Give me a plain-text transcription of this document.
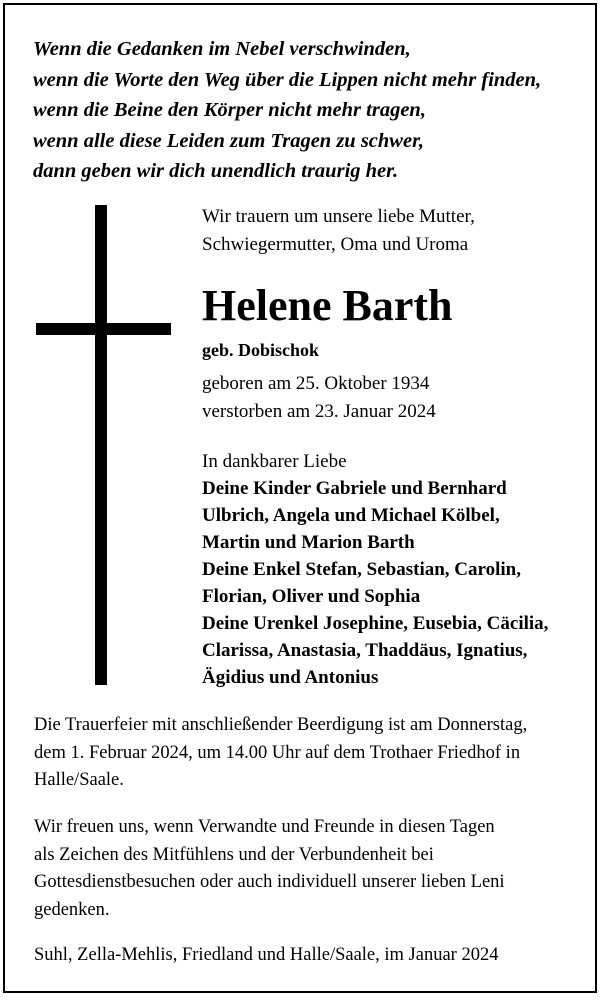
Wenn die Gedanken im Nebel verschwinden,
wenn die Worte den Weg über die Lippen nicht mehr finden,
wenn die Beine den Körper nicht mehr tragen,
wenn alle diese Leiden zum Tragen zu schwer,
dann geben wir dich unendlich traurig her.
Wir trauern um unsere liebe Mutter,
Schwiegermutter, Oma und Uroma
Helene Barth
geb. Dobischok
geboren am 25. Oktober 1934
verstorben am 23. Januar 2024
In dankbarer Liebe
Deine Kinder Gabriele und Bernhard
Ulbrich, Angela und Michael Kölbel,
Martin und Marion Barth
Deine Enkel Stefan, Sebastian, Carolin,
Florian, Oliver und Sophia
Deine Urenkel Josephine, Eusebia, Cäcilia,
Clarissa, Anastasia, Thaddäus, Ignatius,
Ägidius und Antonius
Die Trauerfeier mit anschließender Beerdigung ist am Donnerstag,
dem 1. Februar 2024, um 14.00 Uhr auf dem Trothaer Friedhof in
Halle/Saale.
Wir freuen uns, wenn Verwandte und Freunde in diesen Tagen
als Zeichen des Mitfühlens und der Verbundenheit bei
Gottesdienstbesuchen oder auch individuell unserer lieben Leni
gedenken.
Suhl, Zella-Mehlis, Friedland und Halle/Saale, im Januar 2024
